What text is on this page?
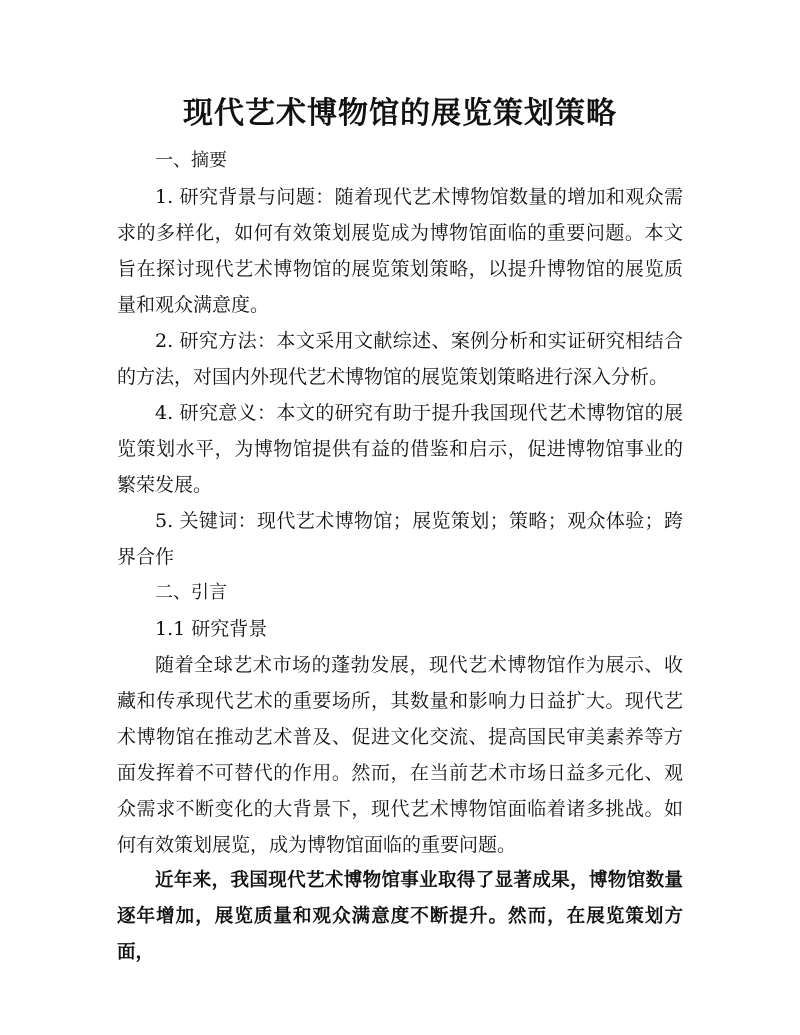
现代艺术博物馆的展览策划策略

一、摘要

1. 研究背景与问题：随着现代艺术博物馆数量的增加和观众需求的多样化，如何有效策划展览成为博物馆面临的重要问题。本文旨在探讨现代艺术博物馆的展览策划策略，以提升博物馆的展览质量和观众满意度。

2. 研究方法：本文采用文献综述、案例分析和实证研究相结合的方法，对国内外现代艺术博物馆的展览策划策略进行深入分析。

4. 研究意义：本文的研究有助于提升我国现代艺术博物馆的展览策划水平，为博物馆提供有益的借鉴和启示，促进博物馆事业的繁荣发展。

5. 关键词：现代艺术博物馆；展览策划；策略；观众体验；跨界合作

二、引言

1.1 研究背景

随着全球艺术市场的蓬勃发展，现代艺术博物馆作为展示、收藏和传承现代艺术的重要场所，其数量和影响力日益扩大。现代艺术博物馆在推动艺术普及、促进文化交流、提高国民审美素养等方面发挥着不可替代的作用。然而，在当前艺术市场日益多元化、观众需求不断变化的大背景下，现代艺术博物馆面临着诸多挑战。如何有效策划展览，成为博物馆面临的重要问题。

近年来，我国现代艺术博物馆事业取得了显著成果，博物馆数量逐年增加，展览质量和观众满意度不断提升。然而，在展览策划方面，
